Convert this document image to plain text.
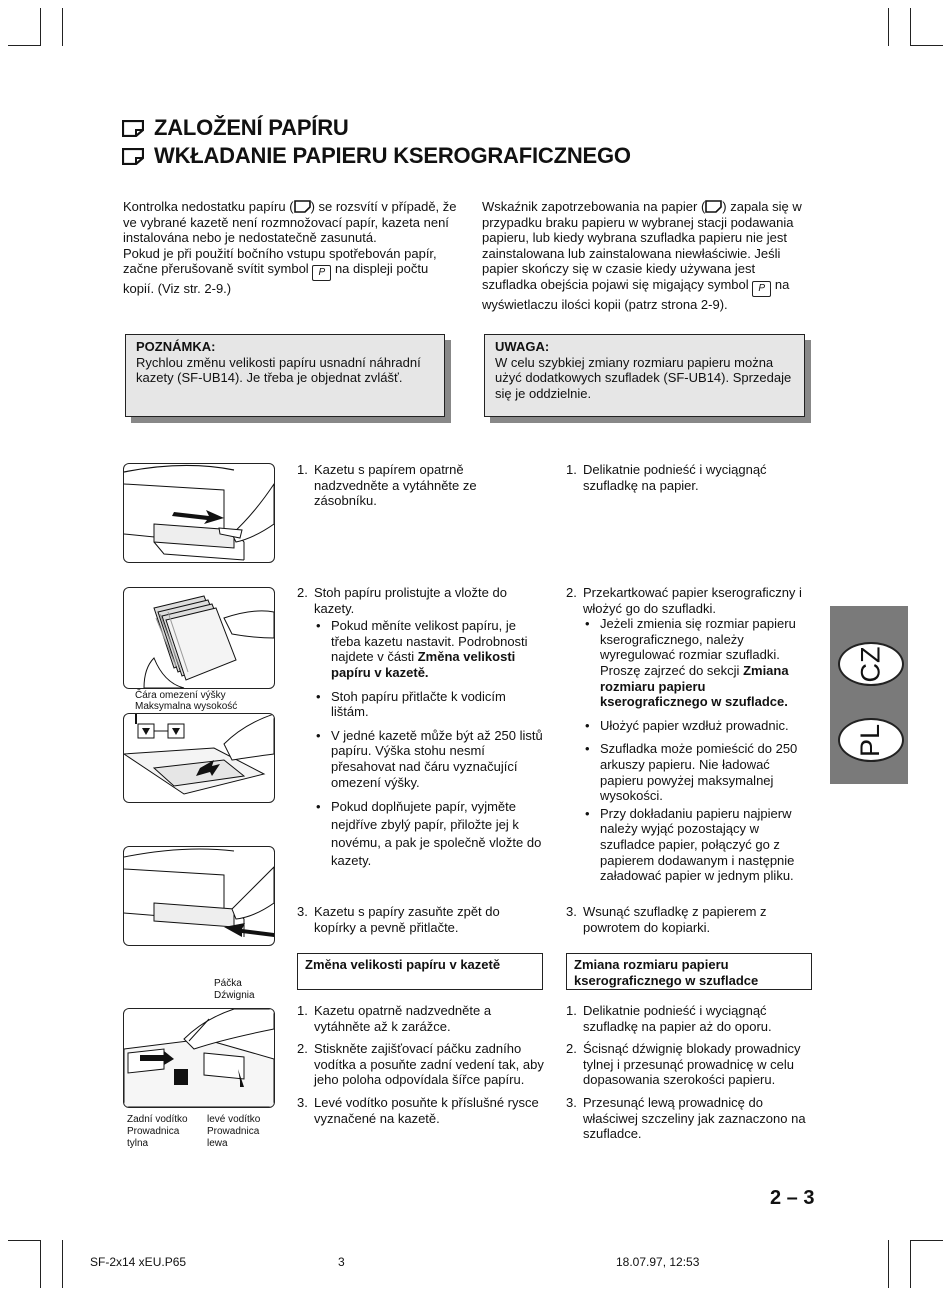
ZALOŽENÍ PAPÍRU
WKŁADANIE PAPIERU KSEROGRAFICZNEGO

Kontrolka nedostatku papíru ( ) se rozsvítí v případě, že ve vybrané kazetě není rozmnožovací papír, kazeta není instalována nebo je nedostatečně zasunutá.

Pokud je při použití bočního vstupu spotřebován papír, začne přerušovaně svítit symbol P na displeji počtu kopií. (Viz str. 2-9.)

Wskaźnik zapotrzebowania na papier ( ) zapala się w przypadku braku papieru w wybranej stacji podawania papieru, lub kiedy wybrana szufladka papieru nie jest zainstalowana lub zainstalowana niewłaściwie. Jeśli papier skończy się w czasie kiedy używana jest szufladka obejścia pojawi się migający symbol P na wyświetlaczu ilości kopii (patrz strona 2-9).

POZNÁMKA:
Rychlou změnu velikosti papíru usnadní náhradní kazety (SF-UB14). Je třeba je objednat zvlášť.
UWAGA:
W celu szybkiej zmiany rozmiaru papieru można użyć dodatkowych szufladek (SF-UB14). Sprzedaje się je oddzielnie.
Čára omezení výšky
Maksymalna wysokość
Páčka
Dźwignia
Zadní vodítko
Prowadnica
tylna
levé vodítko
Prowadnica
lewa
1. Kazetu s papírem opatrně nadzvedněte a vytáhněte ze zásobníku.
1. Delikatnie podnieść i wyciągnąć szufladkę na papier.
2. Stoh papíru prolistujte a vložte do kazety.
• Pokud měníte velikost papíru, je třeba kazetu nastavit. Podrobnosti najdete v části Změna velikosti papíru v kazetě.
• Stoh papíru přitlačte k vodicím lištám.
• V jedné kazetě může být až 250 listů papíru. Výška stohu nesmí přesahovat nad čáru vyznačující omezení výšky.
• Pokud doplňujete papír, vyjměte nejdříve zbylý papír, přiložte jej k novému, a pak je společně vložte do kazety.
2. Przekartkować papier kserograficzny i włożyć go do szufladki.
• Jeżeli zmienia się rozmiar papieru kserograficznego, należy wyregulować rozmiar szufladki. Proszę zajrzeć do sekcji Zmiana rozmiaru papieru kserograficznego w szufladce.
• Ułożyć papier wzdłuż prowadnic.
• Szufladka może pomieścić do 250 arkuszy papieru. Nie ładować papieru powyżej maksymalnej wysokości.
• Przy dokładaniu papieru najpierw należy wyjąć pozostający w szufladce papier, połączyć go z papierem dodawanym i następnie załadować papier w jednym pliku.
3. Kazetu s papíry zasuňte zpět do kopírky a pevně přitlačte.
3. Wsunąć szufladkę z papierem z powrotem do kopiarki.
Změna velikosti papíru v kazetě	Zmiana rozmiaru papieru kserograficznego w szufladce
1. Kazetu opatrně nadzvedněte a vytáhněte až k zarážce.
2. Stiskněte zajišťovací páčku zadního vodítka a posuňte zadní vedení tak, aby jeho poloha odpovídala šířce papíru.
3. Levé vodítko posuňte k příslušné rysce vyznačené na kazetě.
1. Delikatnie podnieść i wyciągnąć szufladkę na papier aż do oporu.
2. Ścisnąć dźwignię blokady prowadnicy tylnej i przesunąć prowadnicę w celu dopasowania szerokości papieru.
3. Przesunąć lewą prowadnicę do właściwej szczeliny jak zaznaczono na szufladce.
CZ
PL
2 – 3
SF-2x14 xEU.P65	3	18.07.97, 12:53
